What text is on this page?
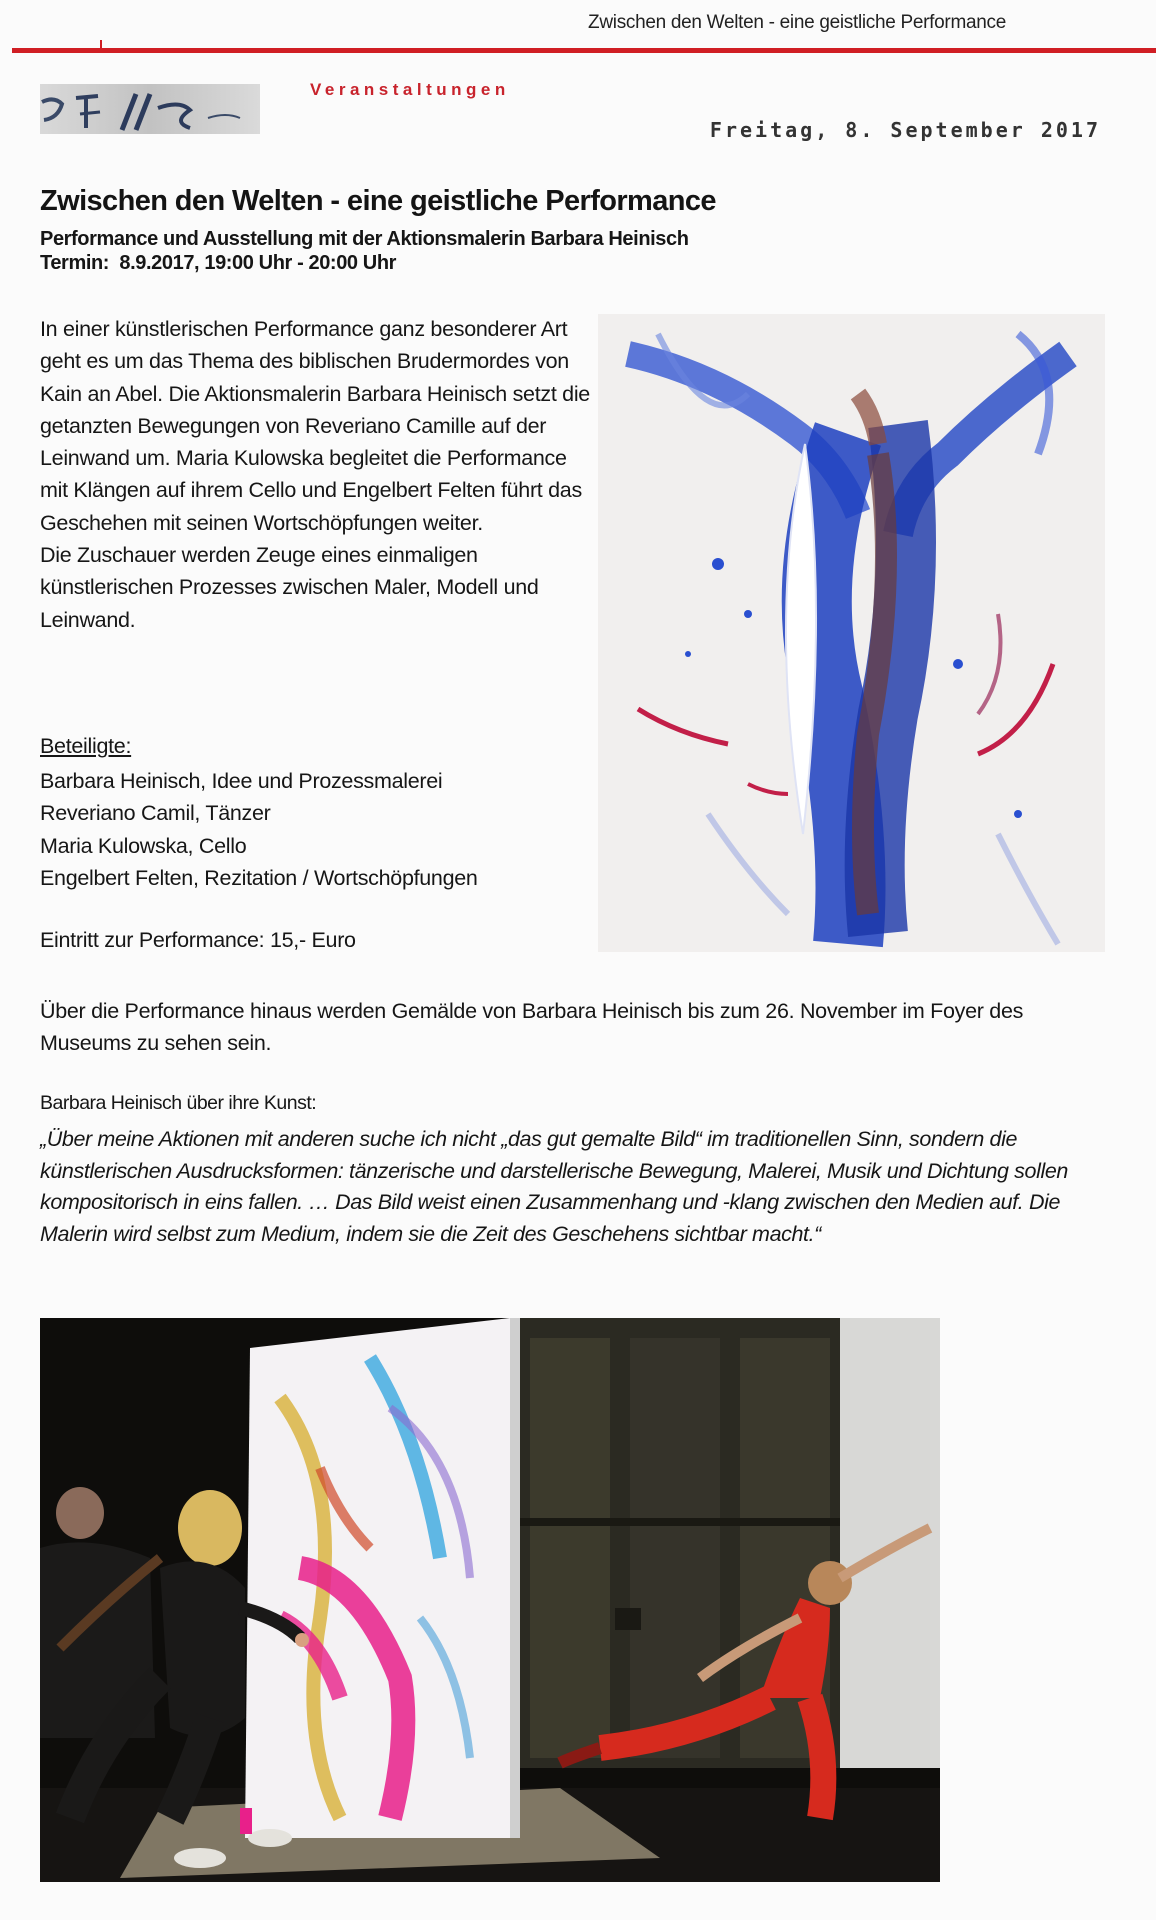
Zwischen den Welten - eine geistliche Performance
Veranstaltungen
Freitag, 8. September 2017
Zwischen den Welten - eine geistliche Performance
Performance und Ausstellung mit der Aktionsmalerin Barbara Heinisch
Termin: 8.9.2017, 19:00 Uhr - 20:00 Uhr
In einer künstlerischen Performance ganz besonderer Art geht es um das Thema des biblischen Brudermordes von Kain an Abel. Die Aktionsmalerin Barbara Heinisch setzt die getanzten Bewegungen von Reveriano Camille auf der Leinwand um. Maria Kulowska begleitet die Performance mit Klängen auf ihrem Cello und Engelbert Felten führt das Geschehen mit seinen Wortschöpfungen weiter.
Die Zuschauer werden Zeuge eines einmaligen künstlerischen Prozesses zwischen Maler, Modell und Leinwand.
Beteiligte:
Barbara Heinisch, Idee und Prozessmalerei
Reveriano Camil, Tänzer
Maria Kulowska, Cello
Engelbert Felten, Rezitation / Wortschöpfungen
Eintritt zur Performance: 15,- Euro
Über die Performance hinaus werden Gemälde von Barbara Heinisch bis zum 26. November im Foyer des Museums zu sehen sein.
Barbara Heinisch über ihre Kunst:
„Über meine Aktionen mit anderen suche ich nicht „das gut gemalte Bild“ im traditionellen Sinn, sondern die künstlerischen Ausdrucksformen: tänzerische und darstellerische Bewegung, Malerei, Musik und Dichtung sollen kompositorisch in eins fallen. … Das Bild weist einen Zusammenhang und -klang zwischen den Medien auf. Die Malerin wird selbst zum Medium, indem sie die Zeit des Geschehens sichtbar macht.“
